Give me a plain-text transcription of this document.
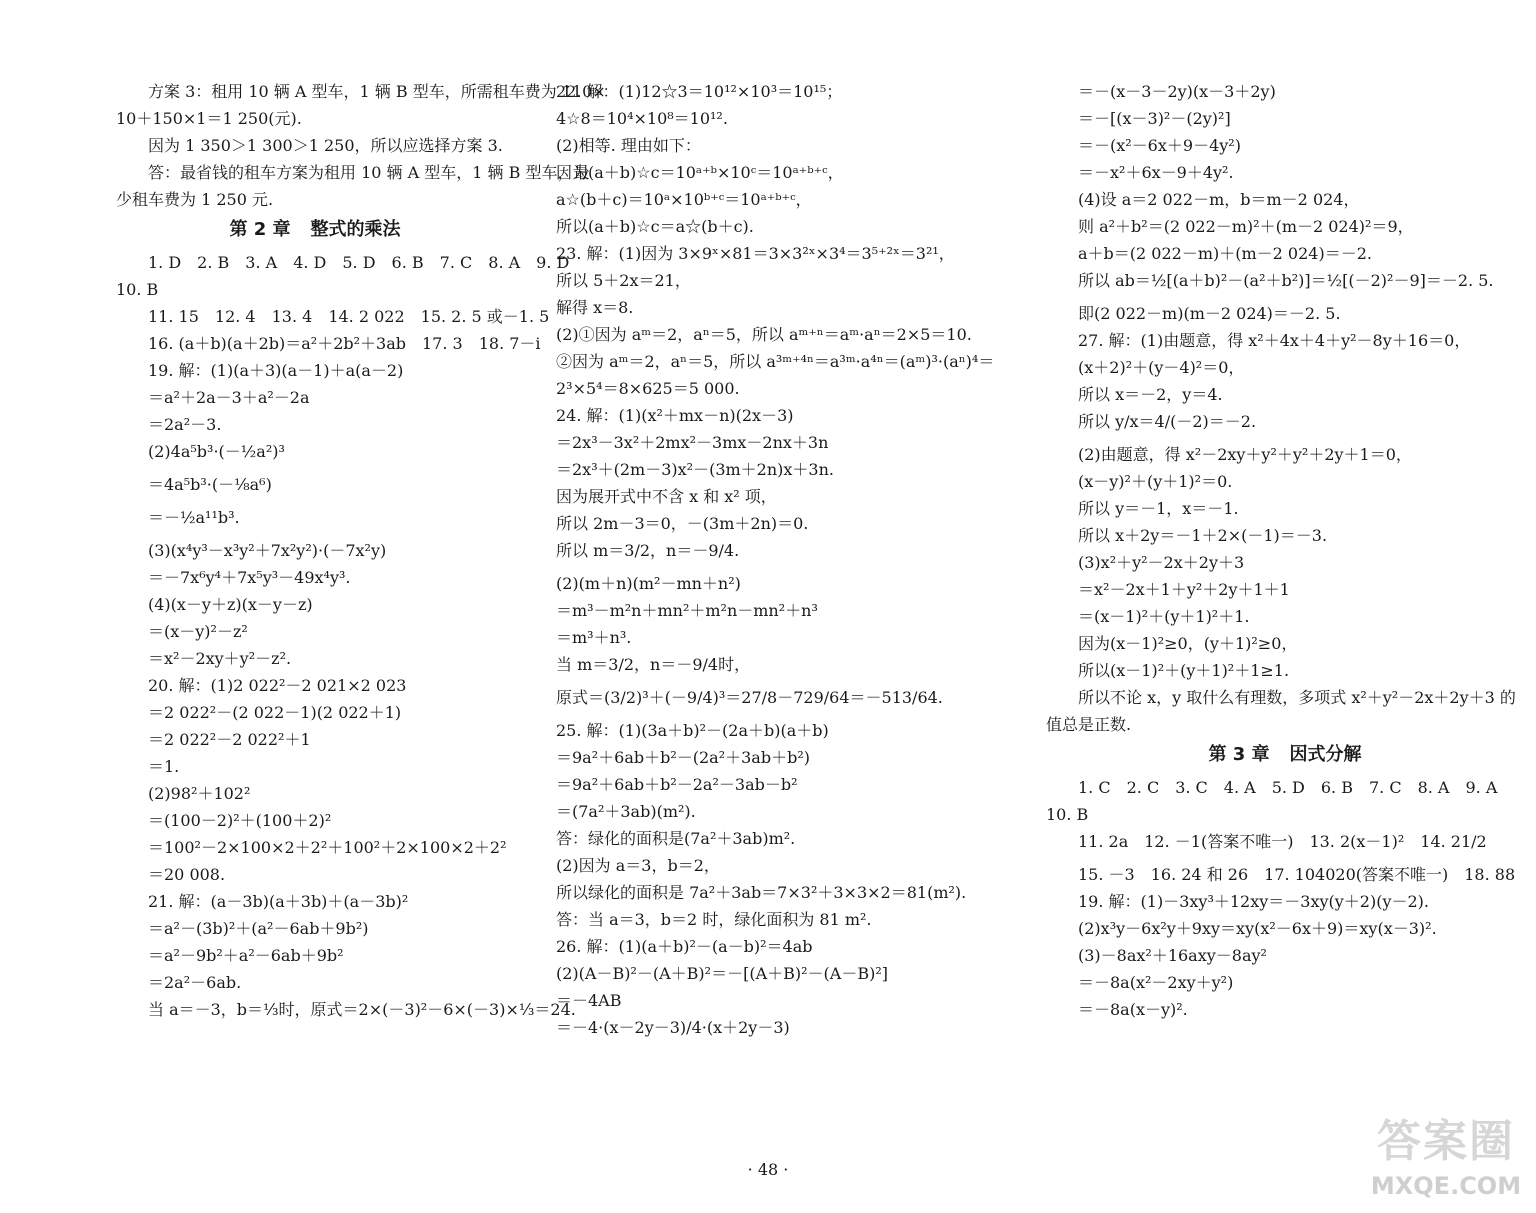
方案 3：租用 10 辆 A 型车，1 辆 B 型车，所需租车费为 110×
10＋150×1＝1 250(元).
因为 1 350＞1 300＞1 250，所以应选择方案 3.
答：最省钱的租车方案为租用 10 辆 A 型车，1 辆 B 型车，最
少租车费为 1 250 元.
第 2 章 整式的乘法
1. D　2. B　3. A　4. D　5. D　6. B　7. C　8. A　9. D
10. B
11. 15　12. 4　13. 4　14. 2 022　15. 2. 5 或－1. 5
16. (a＋b)(a＋2b)＝a²＋2b²＋3ab　17. 3　18. 7－i
19. 解：(1)(a＋3)(a－1)＋a(a－2)
＝a²＋2a－3＋a²－2a
＝2a²－3.
(2)4a⁵b³·(－½a²)³
＝4a⁵b³·(－⅛a⁶)
＝－½a¹¹b³.
(3)(x⁴y³－x³y²＋7x²y²)·(－7x²y)
＝－7x⁶y⁴＋7x⁵y³－49x⁴y³.
(4)(x－y＋z)(x－y－z)
＝(x－y)²－z²
＝x²－2xy＋y²－z².
20. 解：(1)2 022²－2 021×2 023
＝2 022²－(2 022－1)(2 022＋1)
＝2 022²－2 022²＋1
＝1.
(2)98²＋102²
＝(100－2)²＋(100＋2)²
＝100²－2×100×2＋2²＋100²＋2×100×2＋2²
＝20 008.
21. 解：(a－3b)(a＋3b)＋(a－3b)²
＝a²－(3b)²＋(a²－6ab＋9b²)
＝a²－9b²＋a²－6ab＋9b²
＝2a²－6ab.
当 a＝－3，b＝⅓时，原式＝2×(－3)²－6×(－3)×⅓＝24.
22. 解：(1)12☆3＝10¹²×10³＝10¹⁵；
4☆8＝10⁴×10⁸＝10¹².
(2)相等. 理由如下：
因为(a＋b)☆c＝10ᵃ⁺ᵇ×10ᶜ＝10ᵃ⁺ᵇ⁺ᶜ，
a☆(b＋c)＝10ᵃ×10ᵇ⁺ᶜ＝10ᵃ⁺ᵇ⁺ᶜ，
所以(a＋b)☆c＝a☆(b＋c).
23. 解：(1)因为 3×9ˣ×81＝3×3²ˣ×3⁴＝3⁵⁺²ˣ＝3²¹，
所以 5＋2x＝21，
解得 x＝8.
(2)①因为 aᵐ＝2，aⁿ＝5，所以 aᵐ⁺ⁿ＝aᵐ·aⁿ＝2×5＝10.
②因为 aᵐ＝2，aⁿ＝5，所以 a³ᵐ⁺⁴ⁿ＝a³ᵐ·a⁴ⁿ＝(aᵐ)³·(aⁿ)⁴＝
2³×5⁴＝8×625＝5 000.
24. 解：(1)(x²＋mx－n)(2x－3)
＝2x³－3x²＋2mx²－3mx－2nx＋3n
＝2x³＋(2m－3)x²－(3m＋2n)x＋3n.
因为展开式中不含 x 和 x² 项，
所以 2m－3＝0，－(3m＋2n)＝0.
所以 m＝3/2，n＝－9/4.
(2)(m＋n)(m²－mn＋n²)
＝m³－m²n＋mn²＋m²n－mn²＋n³
＝m³＋n³.
当 m＝3/2，n＝－9/4时，
原式＝(3/2)³＋(－9/4)³＝27/8－729/64＝－513/64.
25. 解：(1)(3a＋b)²－(2a＋b)(a＋b)
＝9a²＋6ab＋b²－(2a²＋3ab＋b²)
＝9a²＋6ab＋b²－2a²－3ab－b²
＝(7a²＋3ab)(m²).
答：绿化的面积是(7a²＋3ab)m².
(2)因为 a＝3，b＝2，
所以绿化的面积是 7a²＋3ab＝7×3²＋3×3×2＝81(m²).
答：当 a＝3，b＝2 时，绿化面积为 81 m².
26. 解：(1)(a＋b)²－(a－b)²＝4ab
(2)(A－B)²－(A＋B)²＝－[(A＋B)²－(A－B)²]
＝－4AB
＝－4·(x－2y－3)/4·(x＋2y－3)
＝－(x－3－2y)(x－3＋2y)
＝－[(x－3)²－(2y)²]
＝－(x²－6x＋9－4y²)
＝－x²＋6x－9＋4y².
(4)设 a＝2 022－m，b＝m－2 024，
则 a²＋b²＝(2 022－m)²＋(m－2 024)²＝9，
a＋b＝(2 022－m)＋(m－2 024)＝－2.
所以 ab＝½[(a＋b)²－(a²＋b²)]＝½[(－2)²－9]＝－2. 5.
即(2 022－m)(m－2 024)＝－2. 5.
27. 解：(1)由题意，得 x²＋4x＋4＋y²－8y＋16＝0，
(x＋2)²＋(y－4)²＝0，
所以 x＝－2，y＝4.
所以 y/x＝4/(－2)＝－2.
(2)由题意，得 x²－2xy＋y²＋y²＋2y＋1＝0，
(x－y)²＋(y＋1)²＝0.
所以 y＝－1，x＝－1.
所以 x＋2y＝－1＋2×(－1)＝－3.
(3)x²＋y²－2x＋2y＋3
＝x²－2x＋1＋y²＋2y＋1＋1
＝(x－1)²＋(y＋1)²＋1.
因为(x－1)²≥0，(y＋1)²≥0，
所以(x－1)²＋(y＋1)²＋1≥1.
所以不论 x，y 取什么有理数，多项式 x²＋y²－2x＋2y＋3 的
值总是正数.
第 3 章 因式分解
1. C　2. C　3. C　4. A　5. D　6. B　7. C　8. A　9. A
10. B
11. 2a　12. －1(答案不唯一)　13. 2(x－1)²　14. 21/2
15. －3　16. 24 和 26　17. 104020(答案不唯一)　18. 88
19. 解：(1)－3xy³＋12xy＝－3xy(y＋2)(y－2).
(2)x³y－6x²y＋9xy＝xy(x²－6x＋9)＝xy(x－3)².
(3)－8ax²＋16axy－8ay²
＝－8a(x²－2xy＋y²)
＝－8a(x－y)².
· 48 ·
答案圈
MXQE.COM
